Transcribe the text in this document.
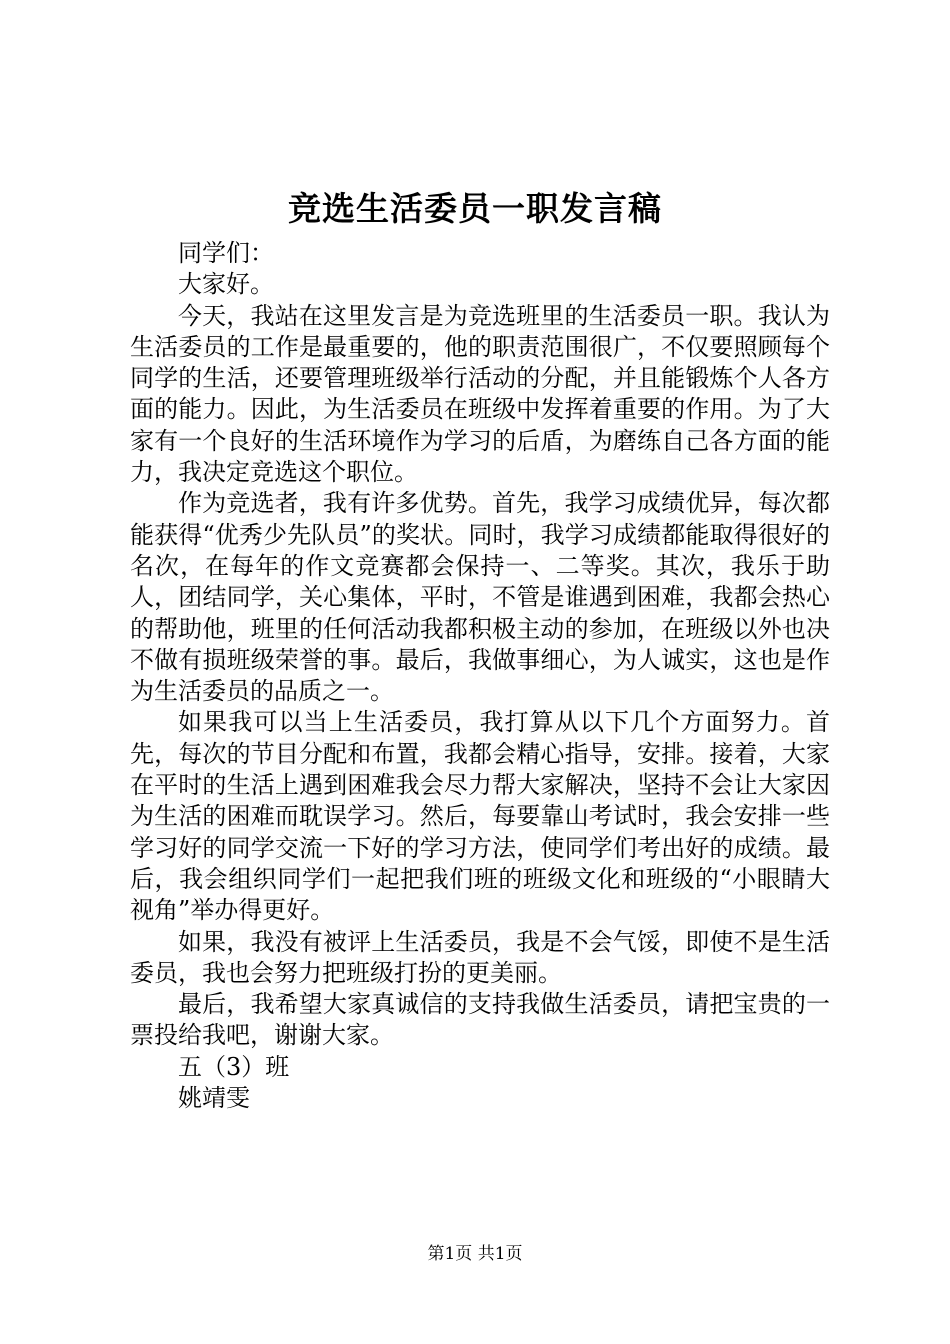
竞选生活委员一职发言稿

同学们：

大家好。

今天，我站在这里发言是为竞选班里的生活委员一职。我认为生活委员的工作是最重要的，他的职责范围很广，不仅要照顾每个同学的生活，还要管理班级举行活动的分配，并且能锻炼个人各方面的能力。因此，为生活委员在班级中发挥着重要的作用。为了大家有一个良好的生活环境作为学习的后盾，为磨练自己各方面的能力，我决定竞选这个职位。

作为竞选者，我有许多优势。首先，我学习成绩优异，每次都能获得“优秀少先队员”的奖状。同时，我学习成绩都能取得很好的名次，在每年的作文竞赛都会保持一、二等奖。其次，我乐于助人，团结同学，关心集体，平时，不管是谁遇到困难，我都会热心的帮助他，班里的任何活动我都积极主动的参加，在班级以外也决不做有损班级荣誉的事。最后，我做事细心，为人诚实，这也是作为生活委员的品质之一。

如果我可以当上生活委员，我打算从以下几个方面努力。首先，每次的节目分配和布置，我都会精心指导，安排。接着，大家在平时的生活上遇到困难我会尽力帮大家解决，坚持不会让大家因为生活的困难而耽误学习。然后，每要靠山考试时，我会安排一些学习好的同学交流一下好的学习方法，使同学们考出好的成绩。最后，我会组织同学们一起把我们班的班级文化和班级的“小眼睛大视角”举办得更好。

如果，我没有被评上生活委员，我是不会气馁，即使不是生活委员，我也会努力把班级打扮的更美丽。

最后，我希望大家真诚信的支持我做生活委员，请把宝贵的一票投给我吧，谢谢大家。

五（3）班

姚靖雯

第1页 共1页
